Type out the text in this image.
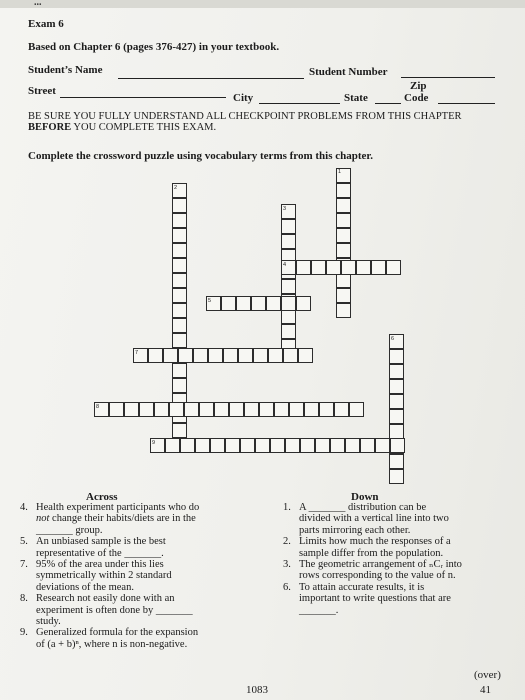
...
Exam 6
Based on Chapter 6 (pages 376-427) in your textbook.
Student’s Name	Student Number
Street
City	State
Zip
Code
BE SURE YOU FULLY UNDERSTAND ALL CHECKPOINT PROBLEMS FROM THIS CHAPTER BEFORE YOU COMPLETE THIS EXAM.
Complete the crossword puzzle using vocabulary terms from this chapter.
1
2
3
4
5
6
7
8
9
Across
4. Health experiment participants who do
not change their habits/diets are in the
_______ group.
5. An unbiased sample is the best
representative of the _______.
7. 95% of the area under this lies
symmetrically within 2 standard
deviations of the mean.
8. Research not easily done with an
experiment is often done by _______
study.
9. Generalized formula for the expansion
of (a + b)ⁿ, where n is non-negative.
Down
1. A _______ distribution can be
divided with a vertical line into two
parts mirroring each other.
2. Limits how much the responses of a
sample differ from the population.
3. The geometric arrangement of ₙCᵣ into
rows corresponding to the value of n.
6. To attain accurate results, it is
important to write questions that are
_______.
1083
(over)
41
